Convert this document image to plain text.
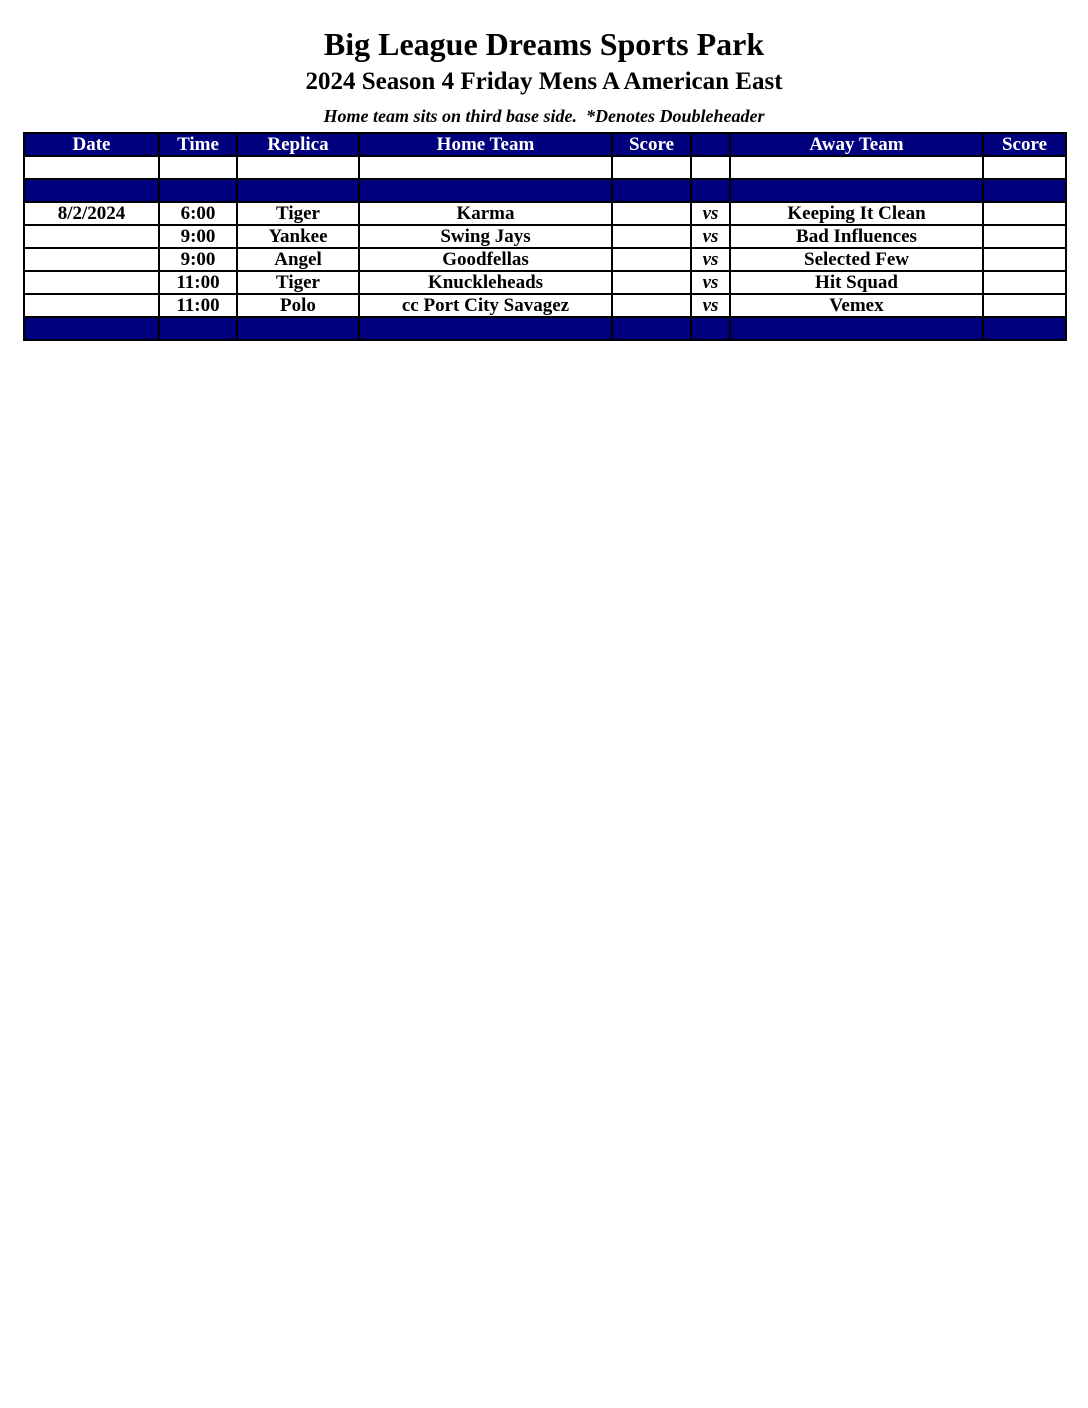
Big League Dreams Sports Park
2024 Season 4 Friday Mens A American East
Home team sits on third base side.  *Denotes Doubleheader
Date	Time	Replica	Home Team	Score		Away Team	Score

8/2/2024	6:00	Tiger	Karma		vs	Keeping It Clean	
	9:00	Yankee	Swing Jays		vs	Bad Influences	
	9:00	Angel	Goodfellas		vs	Selected Few	
	11:00	Tiger	Knuckleheads		vs	Hit Squad	
	11:00	Polo	cc Port City Savagez		vs	Vemex	
